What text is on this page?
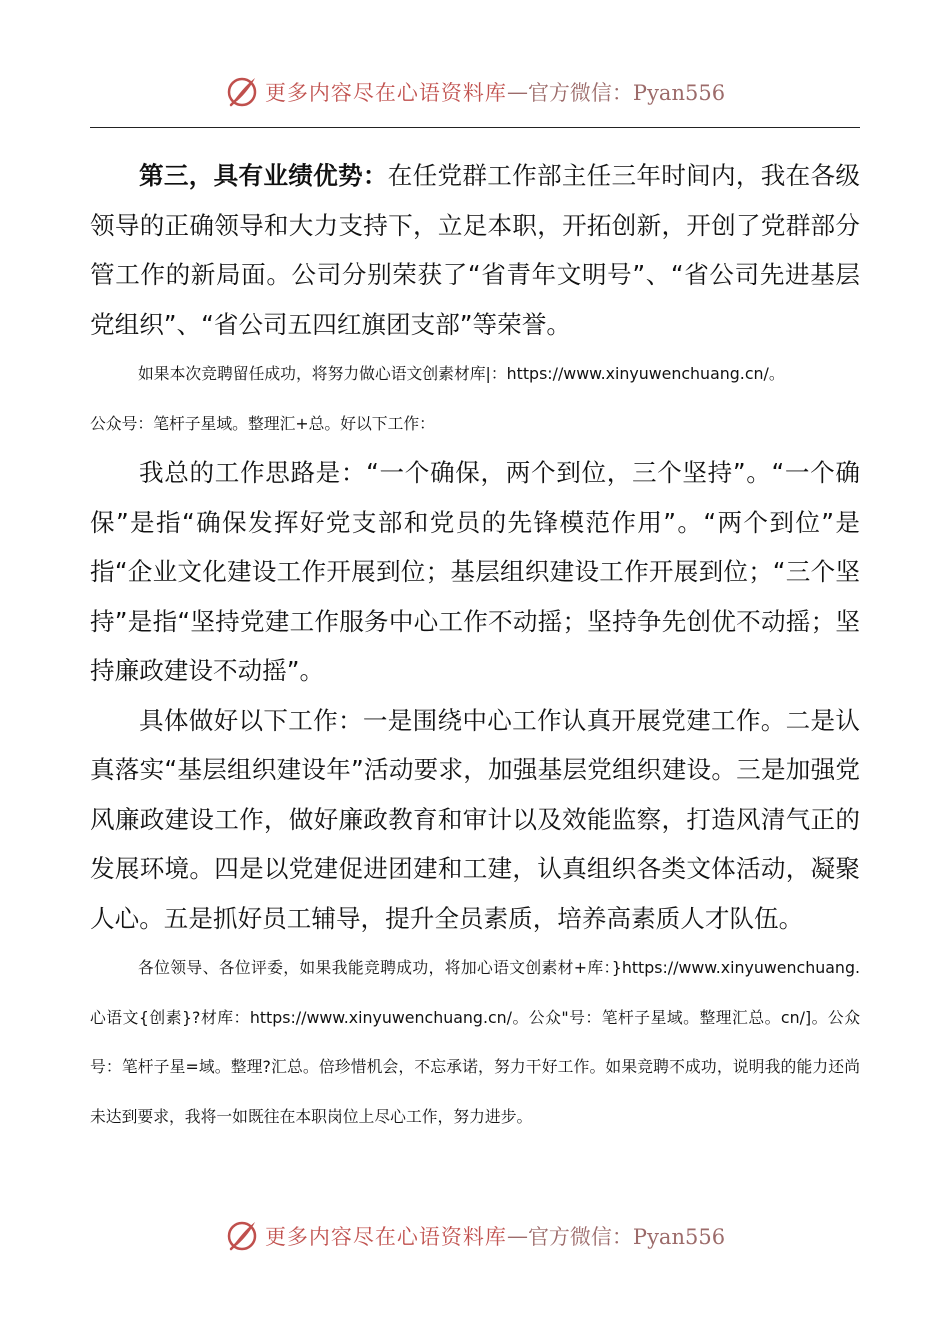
更多内容尽在心语资料库 — 官方微信：Pyan556

第三，具有业绩优势：在任党群工作部主任三年时间内，我在各级领导的正确领导和大力支持下，立足本职，开拓创新，开创了党群部分管工作的新局面。公司分别荣获了“省青年文明号”、“省公司先进基层党组织”、“省公司五四红旗团支部”等荣誉。

如果本次竞聘留任成功，将努力做心语文创素材库|：https://www.xinyuwenchuang.cn/。

公众号：笔杆子星域。整理汇+总。好以下工作：

我总的工作思路是：“一个确保，两个到位，三个坚持”。“一个确保”是指“确保发挥好党支部和党员的先锋模范作用”。“两个到位”是指“企业文化建设工作开展到位；基层组织建设工作开展到位；“三个坚持”是指“坚持党建工作服务中心工作不动摇；坚持争先创优不动摇；坚持廉政建设不动摇”。

具体做好以下工作：一是围绕中心工作认真开展党建工作。二是认真落实“基层组织建设年”活动要求，加强基层党组织建设。三是加强党风廉政建设工作，做好廉政教育和审计以及效能监察，打造风清气正的发展环境。四是以党建促进团建和工建，认真组织各类文体活动，凝聚人心。五是抓好员工辅导，提升全员素质，培养高素质人才队伍。

各位领导、各位评委，如果我能竞聘成功，将加心语文创素材+库：}https://www.xinyuwenchuang.心语文{创素}?材库：https://www.xinyuwenchuang.cn/。公众"号：笔杆子星域。整理汇总。cn/]。公众号：笔杆子星=域。整理?汇总。倍珍惜机会，不忘承诺，努力干好工作。如果竞聘不成功，说明我的能力还尚未达到要求，我将一如既往在本职岗位上尽心工作，努力进步。

更多内容尽在心语资料库 — 官方微信：Pyan556
